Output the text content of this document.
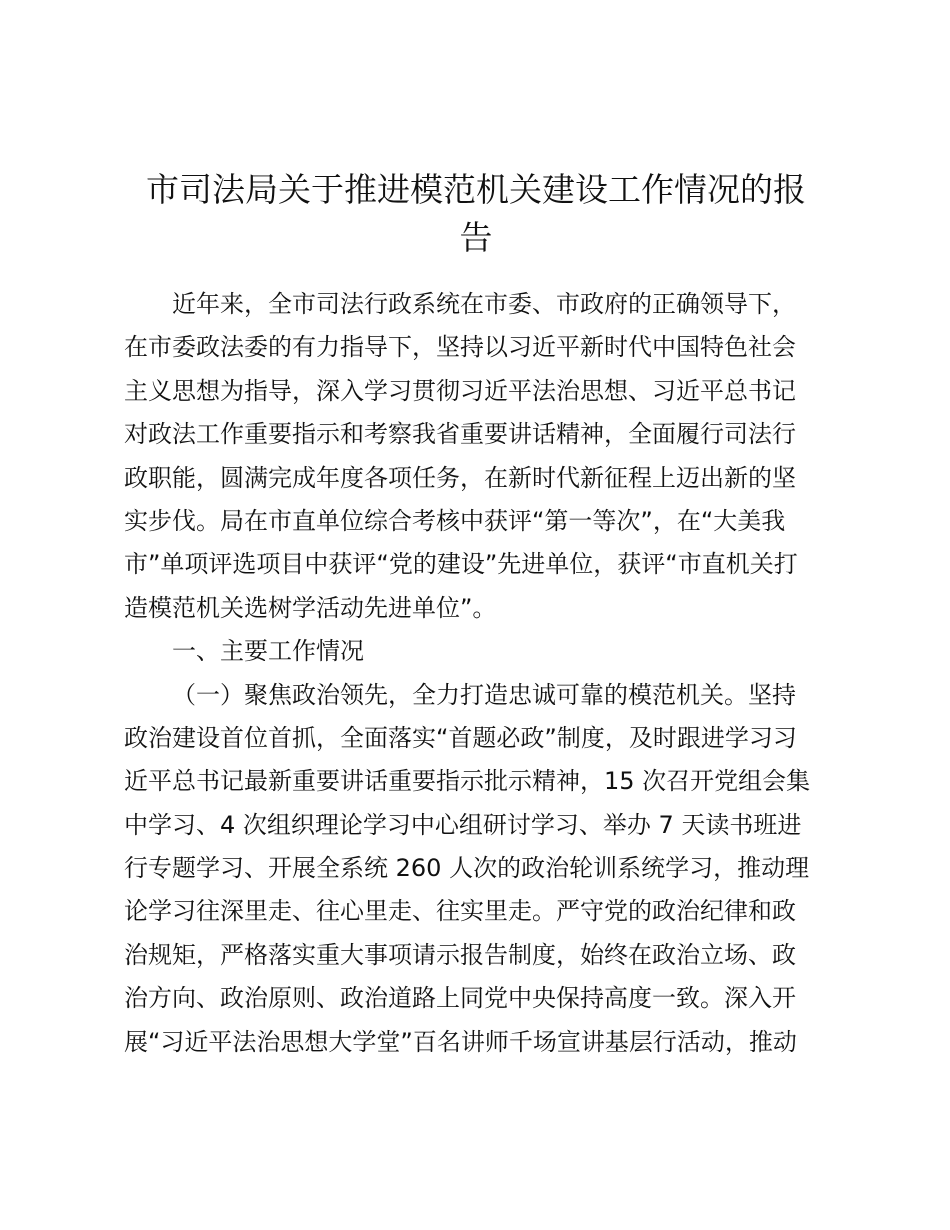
市司法局关于推进模范机关建设工作情况的报
告
近年来，全市司法行政系统在市委、市政府的正确领导下，
在市委政法委的有力指导下，坚持以习近平新时代中国特色社会
主义思想为指导，深入学习贯彻习近平法治思想、习近平总书记
对政法工作重要指示和考察我省重要讲话精神，全面履行司法行
政职能，圆满完成年度各项任务，在新时代新征程上迈出新的坚
实步伐。局在市直单位综合考核中获评“第一等次”，在“大美我
市”单项评选项目中获评“党的建设”先进单位，获评“市直机关打
造模范机关选树学活动先进单位”。
一、主要工作情况
（一）聚焦政治领先，全力打造忠诚可靠的模范机关。坚持
政治建设首位首抓，全面落实“首题必政”制度，及时跟进学习习
近平总书记最新重要讲话重要指示批示精神，15 次召开党组会集
中学习、4 次组织理论学习中心组研讨学习、举办 7 天读书班进
行专题学习、开展全系统 260 人次的政治轮训系统学习，推动理
论学习往深里走、往心里走、往实里走。严守党的政治纪律和政
治规矩，严格落实重大事项请示报告制度，始终在政治立场、政
治方向、政治原则、政治道路上同党中央保持高度一致。深入开
展“习近平法治思想大学堂”百名讲师千场宣讲基层行活动，推动
